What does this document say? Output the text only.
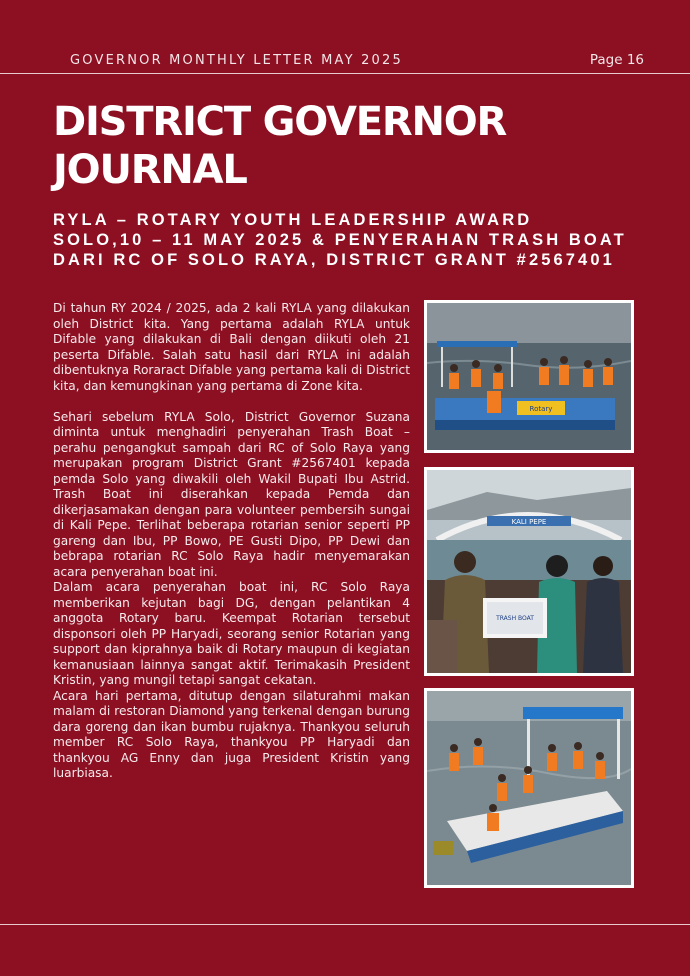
GOVERNOR MONTHLY LETTER MAY 2025	Page 16
DISTRICT GOVERNOR
JOURNAL
RYLA – ROTARY YOUTH LEADERSHIP AWARD
SOLO,10 – 11 MAY 2025 & PENYERAHAN TRASH BOAT
DARI RC OF SOLO RAYA, DISTRICT GRANT #2567401

Di tahun RY 2024 / 2025, ada 2 kali RYLA yang dilakukan oleh District kita. Yang pertama adalah RYLA untuk Difable yang dilakukan di Bali dengan diikuti oleh 21 peserta Difable. Salah satu hasil dari RYLA ini adalah dibentuknya Roraract Difable yang pertama kali di District kita, dan kemungkinan yang pertama di Zone kita.

Sehari sebelum RYLA Solo, District Governor Suzana diminta untuk menghadiri penyerahan Trash Boat – perahu pengangkut sampah dari RC of Solo Raya yang merupakan program District Grant #2567401 kepada pemda Solo yang diwakili oleh Wakil Bupati Ibu Astrid. Trash Boat ini diserahkan kepada Pemda dan dikerjasamakan dengan para volunteer pembersih sungai di Kali Pepe. Terlihat beberapa rotarian senior seperti PP gareng dan Ibu, PP Bowo, PE Gusti Dipo, PP Dewi dan bebrapa rotarian RC Solo Raya hadir menyemarakan acara penyerahan boat ini.

Dalam acara penyerahan boat ini, RC Solo Raya memberikan kejutan bagi DG, dengan pelantikan 4 anggota Rotary baru. Keempat Rotarian tersebut disponsori oleh PP Haryadi, seorang senior Rotarian yang support dan kiprahnya baik di Rotary maupun di kegiatan kemanusiaan lainnya sangat aktif. Terimakasih President Kristin, yang mungil tetapi sangat cekatan.

Acara hari pertama, ditutup dengan silaturahmi makan malam di restoran Diamond yang terkenal dengan burung dara goreng dan ikan bumbu rujaknya. Thankyou seluruh member RC Solo Raya, thankyou PP Haryadi dan thankyou AG Enny dan juga President Kristin yang luarbiasa.

Rotary
KALI PEPE
TRASH BOAT
